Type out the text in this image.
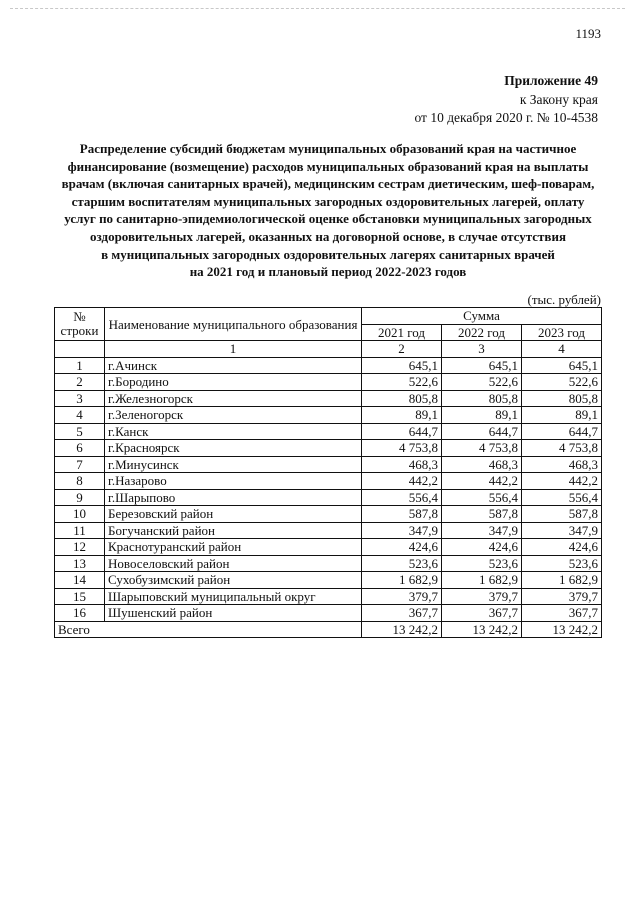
1193
Приложение 49
к Закону края
от 10 декабря 2020 г. № 10-4538
Распределение субсидий бюджетам муниципальных образований края на частичное
финансирование (возмещение) расходов муниципальных образований края на выплаты
врачам (включая санитарных врачей), медицинским сестрам диетическим, шеф-поварам,
старшим воспитателям муниципальных загородных оздоровительных лагерей, оплату
услуг по санитарно-эпидемиологической оценке обстановки муниципальных загородных
оздоровительных лагерей, оказанных на договорной основе, в случае отсутствия
в муниципальных загородных оздоровительных лагерях санитарных врачей
на 2021 год и плановый период 2022-2023 годов
(тыс. рублей)
№
строки	Наименование муниципального образования	Сумма		
		2021 год	2022 год	2023 год
	1	2	3	4
1	г.Ачинск	645,1	645,1	645,1
2	г.Бородино	522,6	522,6	522,6
3	г.Железногорск	805,8	805,8	805,8
4	г.Зеленогорск	89,1	89,1	89,1
5	г.Канск	644,7	644,7	644,7
6	г.Красноярск	4 753,8	4 753,8	4 753,8
7	г.Минусинск	468,3	468,3	468,3
8	г.Назарово	442,2	442,2	442,2
9	г.Шарыпово	556,4	556,4	556,4
10	Березовский район	587,8	587,8	587,8
11	Богучанский район	347,9	347,9	347,9
12	Краснотуранский район	424,6	424,6	424,6
13	Новоселовский район	523,6	523,6	523,6
14	Сухобузимский район	1 682,9	1 682,9	1 682,9
15	Шарыповский муниципальный округ	379,7	379,7	379,7
16	Шушенский район	367,7	367,7	367,7
Всего		13 242,2	13 242,2	13 242,2
